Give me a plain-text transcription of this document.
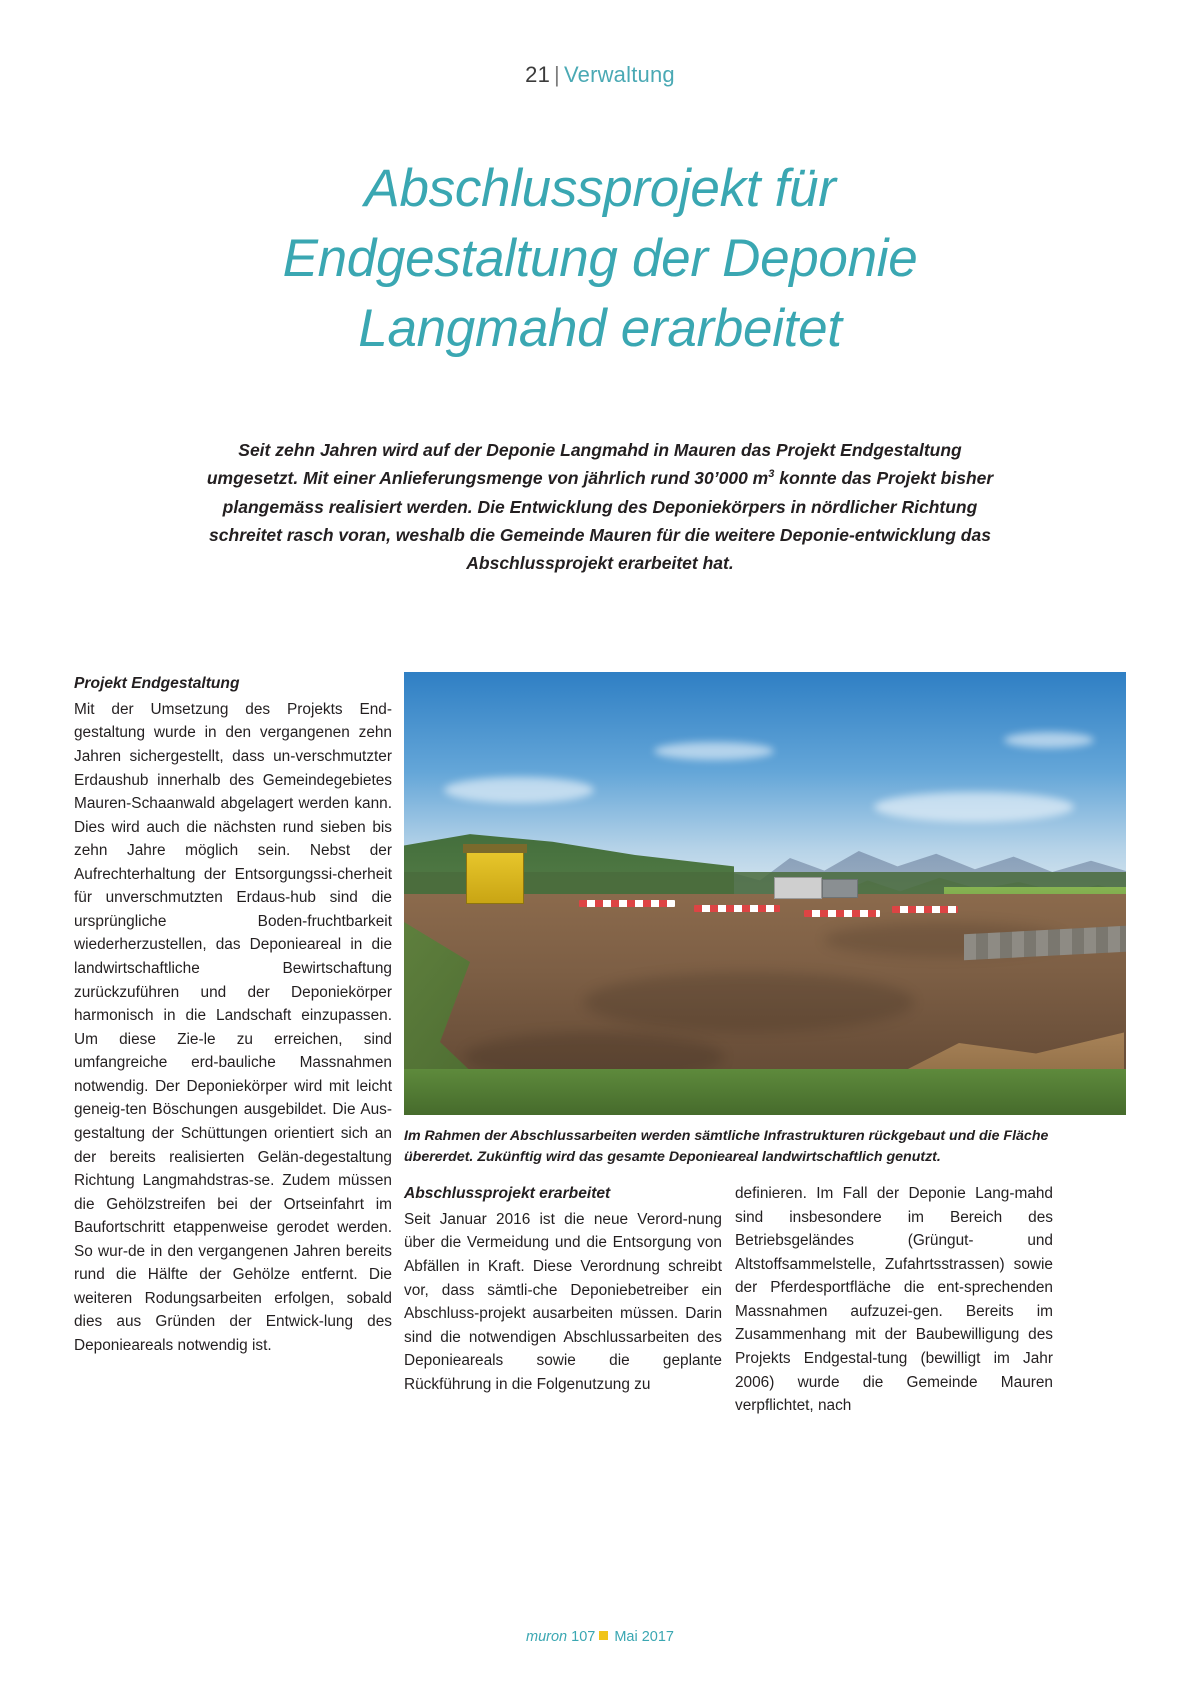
21 | Verwaltung
Abschlussprojekt für Endgestaltung der Deponie Langmahd erarbeitet

Seit zehn Jahren wird auf der Deponie Langmahd in Mauren das Projekt Endgestaltung umgesetzt. Mit einer Anlieferungsmenge von jährlich rund 30’000 $m^3$ konnte das Projekt bisher plangemäss realisiert werden. Die Entwicklung des Deponiekörpers in nördlicher Richtung schreitet rasch voran, weshalb die Gemeinde Mauren für die weitere Deponie-entwicklung das Abschlussprojekt erarbeitet hat.

Projekt Endgestaltung

Mit der Umsetzung des Projekts End-gestaltung wurde in den vergangenen zehn Jahren sichergestellt, dass un-verschmutzter Erdaushub innerhalb des Gemeindegebietes Mauren-Schaanwald abgelagert werden kann. Dies wird auch die nächsten rund sieben bis zehn Jahre möglich sein. Nebst der Aufrechterhaltung der Entsorgungssi-cherheit für unverschmutzten Erdaus-hub sind die ursprüngliche Boden-fruchtbarkeit wiederherzustellen, das Deponieareal in die landwirtschaftliche Bewirtschaftung zurückzuführen und der Deponiekörper harmonisch in die Landschaft einzupassen. Um diese Zie-le zu erreichen, sind umfangreiche erd-bauliche Massnahmen notwendig. Der Deponiekörper wird mit leicht geneig-ten Böschungen ausgebildet. Die Aus-gestaltung der Schüttungen orientiert sich an der bereits realisierten Gelän-degestaltung Richtung Langmahdstras-se. Zudem müssen die Gehölzstreifen bei der Ortseinfahrt im Baufortschritt etappenweise gerodet werden. So wur-de in den vergangenen Jahren bereits rund die Hälfte der Gehölze entfernt. Die weiteren Rodungsarbeiten erfolgen, sobald dies aus Gründen der Entwick-lung des Deponieareals notwendig ist.

Im Rahmen der Abschlussarbeiten werden sämtliche Infrastrukturen rückgebaut und die Fläche übererdet. Zukünftig wird das gesamte Deponieareal landwirtschaftlich genutzt.
Abschlussprojekt erarbeitet

Seit Januar 2016 ist die neue Verord-nung über die Vermeidung und die Entsorgung von Abfällen in Kraft. Diese Verordnung schreibt vor, dass sämtli-che Deponiebetreiber ein Abschluss-projekt ausarbeiten müssen. Darin sind die notwendigen Abschlussarbeiten des Deponieareals sowie die geplante Rückführung in die Folgenutzung zu

definieren. Im Fall der Deponie Lang-mahd sind insbesondere im Bereich des Betriebsgeländes (Grüngut- und Altstoffsammelstelle, Zufahrtsstrassen) sowie der Pferdesportfläche die ent-sprechenden Massnahmen aufzuzei-gen. Bereits im Zusammenhang mit der Baubewilligung des Projekts Endgestal-tung (bewilligt im Jahr 2006) wurde die Gemeinde Mauren verpflichtet, nach

muron 107 Mai 2017
